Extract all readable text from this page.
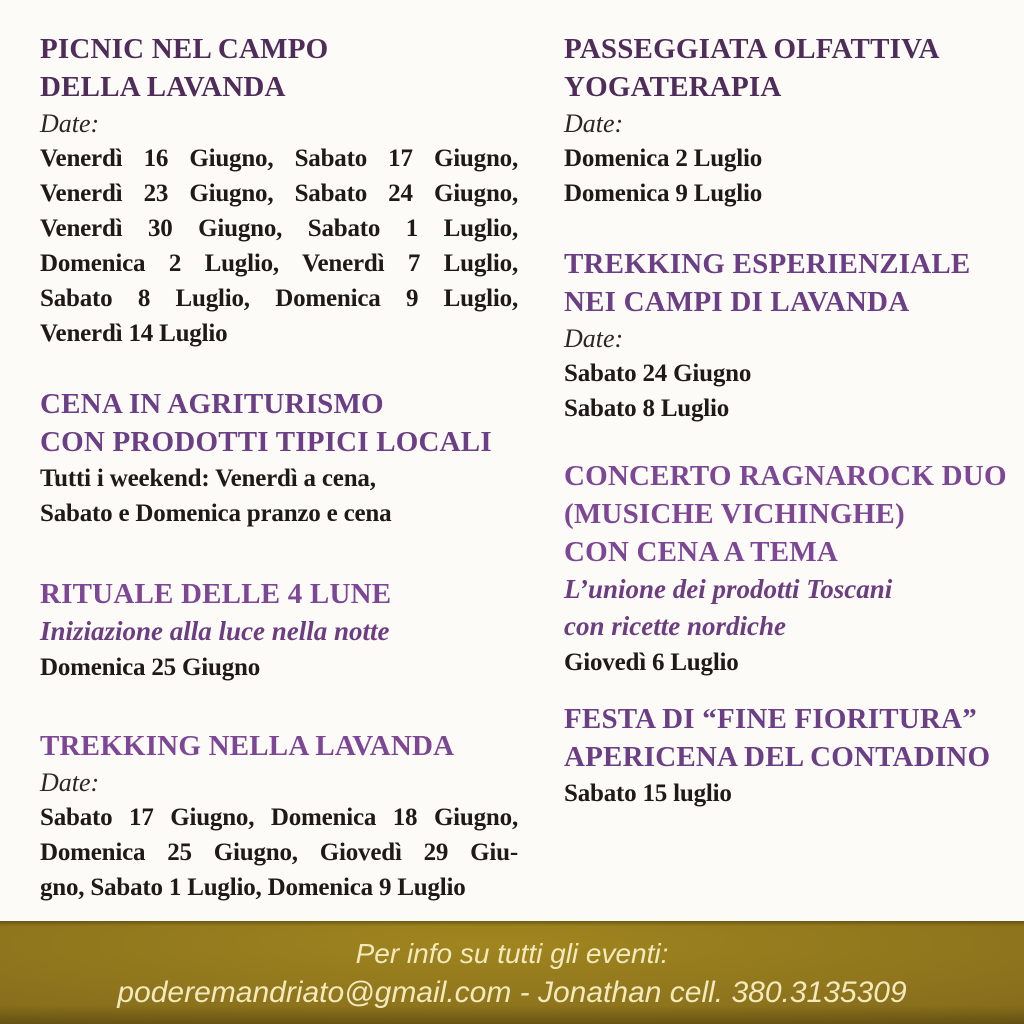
PICNIC NEL CAMPO
DELLA LAVANDA
Date:
Venerdì 16 Giugno, Sabato 17 Giugno,
Venerdì 23 Giugno, Sabato 24 Giugno,
Venerdì 30 Giugno, Sabato 1 Luglio,
Domenica 2 Luglio, Venerdì 7 Luglio,
Sabato 8 Luglio, Domenica 9 Luglio,
Venerdì 14 Luglio
CENA IN AGRITURISMO
CON PRODOTTI TIPICI LOCALI
Tutti i weekend: Venerdì a cena,
Sabato e Domenica pranzo e cena
RITUALE DELLE 4 LUNE
Iniziazione alla luce nella notte
Domenica 25 Giugno
TREKKING NELLA LAVANDA
Date:
Sabato 17 Giugno, Domenica 18 Giugno,
Domenica 25 Giugno, Giovedì 29 Giu-
gno, Sabato 1 Luglio, Domenica 9 Luglio
PASSEGGIATA OLFATTIVA
YOGATERAPIA
Date:
Domenica 2 Luglio
Domenica 9 Luglio
TREKKING ESPERIENZIALE
NEI CAMPI DI LAVANDA
Date:
Sabato 24 Giugno
Sabato 8 Luglio
CONCERTO RAGNAROCK DUO
(MUSICHE VICHINGHE)
CON CENA A TEMA
L’unione dei prodotti Toscani
con ricette nordiche
Giovedì 6 Luglio
FESTA DI “FINE FIORITURA”
APERICENA DEL CONTADINO
Sabato 15 luglio
Per info su tutti gli eventi:
poderemandriato@gmail.com - Jonathan cell. 380.3135309
